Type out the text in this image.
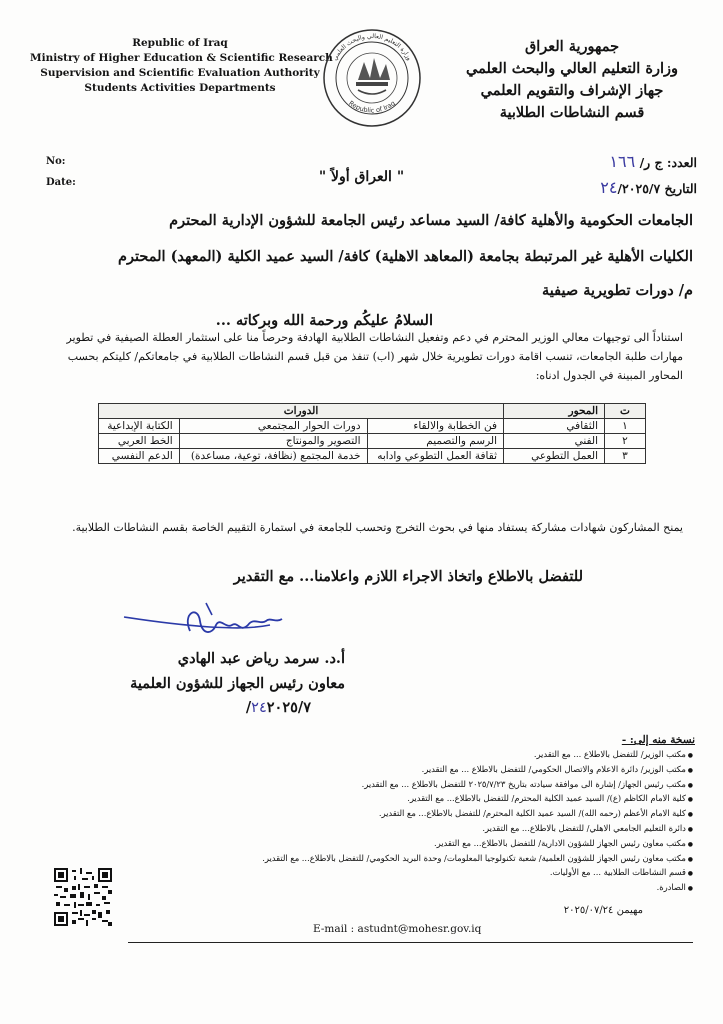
Republic of Iraq
Ministry of Higher Education & Scientific Research
Supervision and Scientific Evaluation Authority
Students Activities Departments
وزارة التعليم العالي والبحث العلمي
Republic of Iraq
جمهورية العراق
وزارة التعليم العالي والبحث العلمي
جهاز الإشراف والتقويم العلمي
قسم النشاطات الطلابية
No:
Date:
العدد: ج ر/ ١٦٦
" العراق أولاً "
التاريخ ٢٤/٢٠٢٥/٧
الجامعات الحكومية والأهلية كافة/ السيد مساعد رئيس الجامعة للشؤون الإدارية المحترم
الكليات الأهلية غير المرتبطة بجامعة (المعاهد الاهلية) كافة/ السيد عميد الكلية (المعهد) المحترم
م/ دورات تطويرية صيفية
السلامُ عليكُم ورحمة الله وبركاته ...
استناداً الى توجيهات معالي الوزير المحترم في دعم وتفعيل النشاطات الطلابية الهادفة وحرصاً منا على استثمار العطلة الصيفية في تطوير مهارات طلبة الجامعات، تنسب اقامة دورات تطويرية خلال شهر (اب) تنفذ من قبل قسم النشاطات الطلابية في جامعاتكم/ كليتكم بحسب المحاور المبينة في الجدول ادناه:
ت	المحور	الدورات		
١	الثقافي	فن الخطابة والالقاء	دورات الحوار المجتمعي	الكتابة الإبداعية
٢	الفني	الرسم والتصميم	التصوير والمونتاج	الخط العربي
٣	العمل التطوعي	ثقافة العمل التطوعي وادابه	خدمة المجتمع (نظافة، توعية، مساعدة)	الدعم النفسي
يمنح المشاركون شهادات مشاركة يستفاد منها في بحوث التخرج وتحسب للجامعة في استمارة التقييم الخاصة بقسم النشاطات الطلابية.
للتفضل بالاطلاع واتخاذ الاجراء اللازم واعلامنا... مع التقدير
أ.د. سرمد رياض عبد الهادي
معاون رئيس الجهاز للشؤون العلمية
٢٤٢٠٢٥/٧/
نسخة منه إلى: -
● مكتب الوزير/ للتفضل بالاطلاع ... مع التقدير.
● مكتب الوزير/ دائرة الاعلام والاتصال الحكومي/ للتفضل بالاطلاع ... مع التقدير.
● مكتب رئيس الجهاز/ إشارة الى موافقة سيادته بتاريخ ٢٠٢٥/٧/٢٣ للتفضل بالاطلاع ... مع التقدير.
● كلية الامام الكاظم (ع)/ السيد عميد الكلية المحترم/ للتفضل بالاطلاع... مع التقدير.
● كلية الامام الأعظم (رحمه الله)/ السيد عميد الكلية المحترم/ للتفضل بالاطلاع... مع التقدير.
● دائرة التعليم الجامعي الاهلي/ للتفضل بالاطلاع... مع التقدير.
● مكتب معاون رئيس الجهاز للشؤون الادارية/ للتفضل بالاطلاع... مع التقدير.
● مكتب معاون رئيس الجهاز للشؤون العلمية/ شعبة تكنولوجيا المعلومات/ وحدة البريد الحكومي/ للتفضل بالاطلاع... مع التقدير.
● قسم النشاطات الطلابية ... مع الأوليات.
● الصادرة.
مهيمن ٢٠٢٥/٠٧/٢٤
E-mail : astudnt@mohesr.gov.iq
